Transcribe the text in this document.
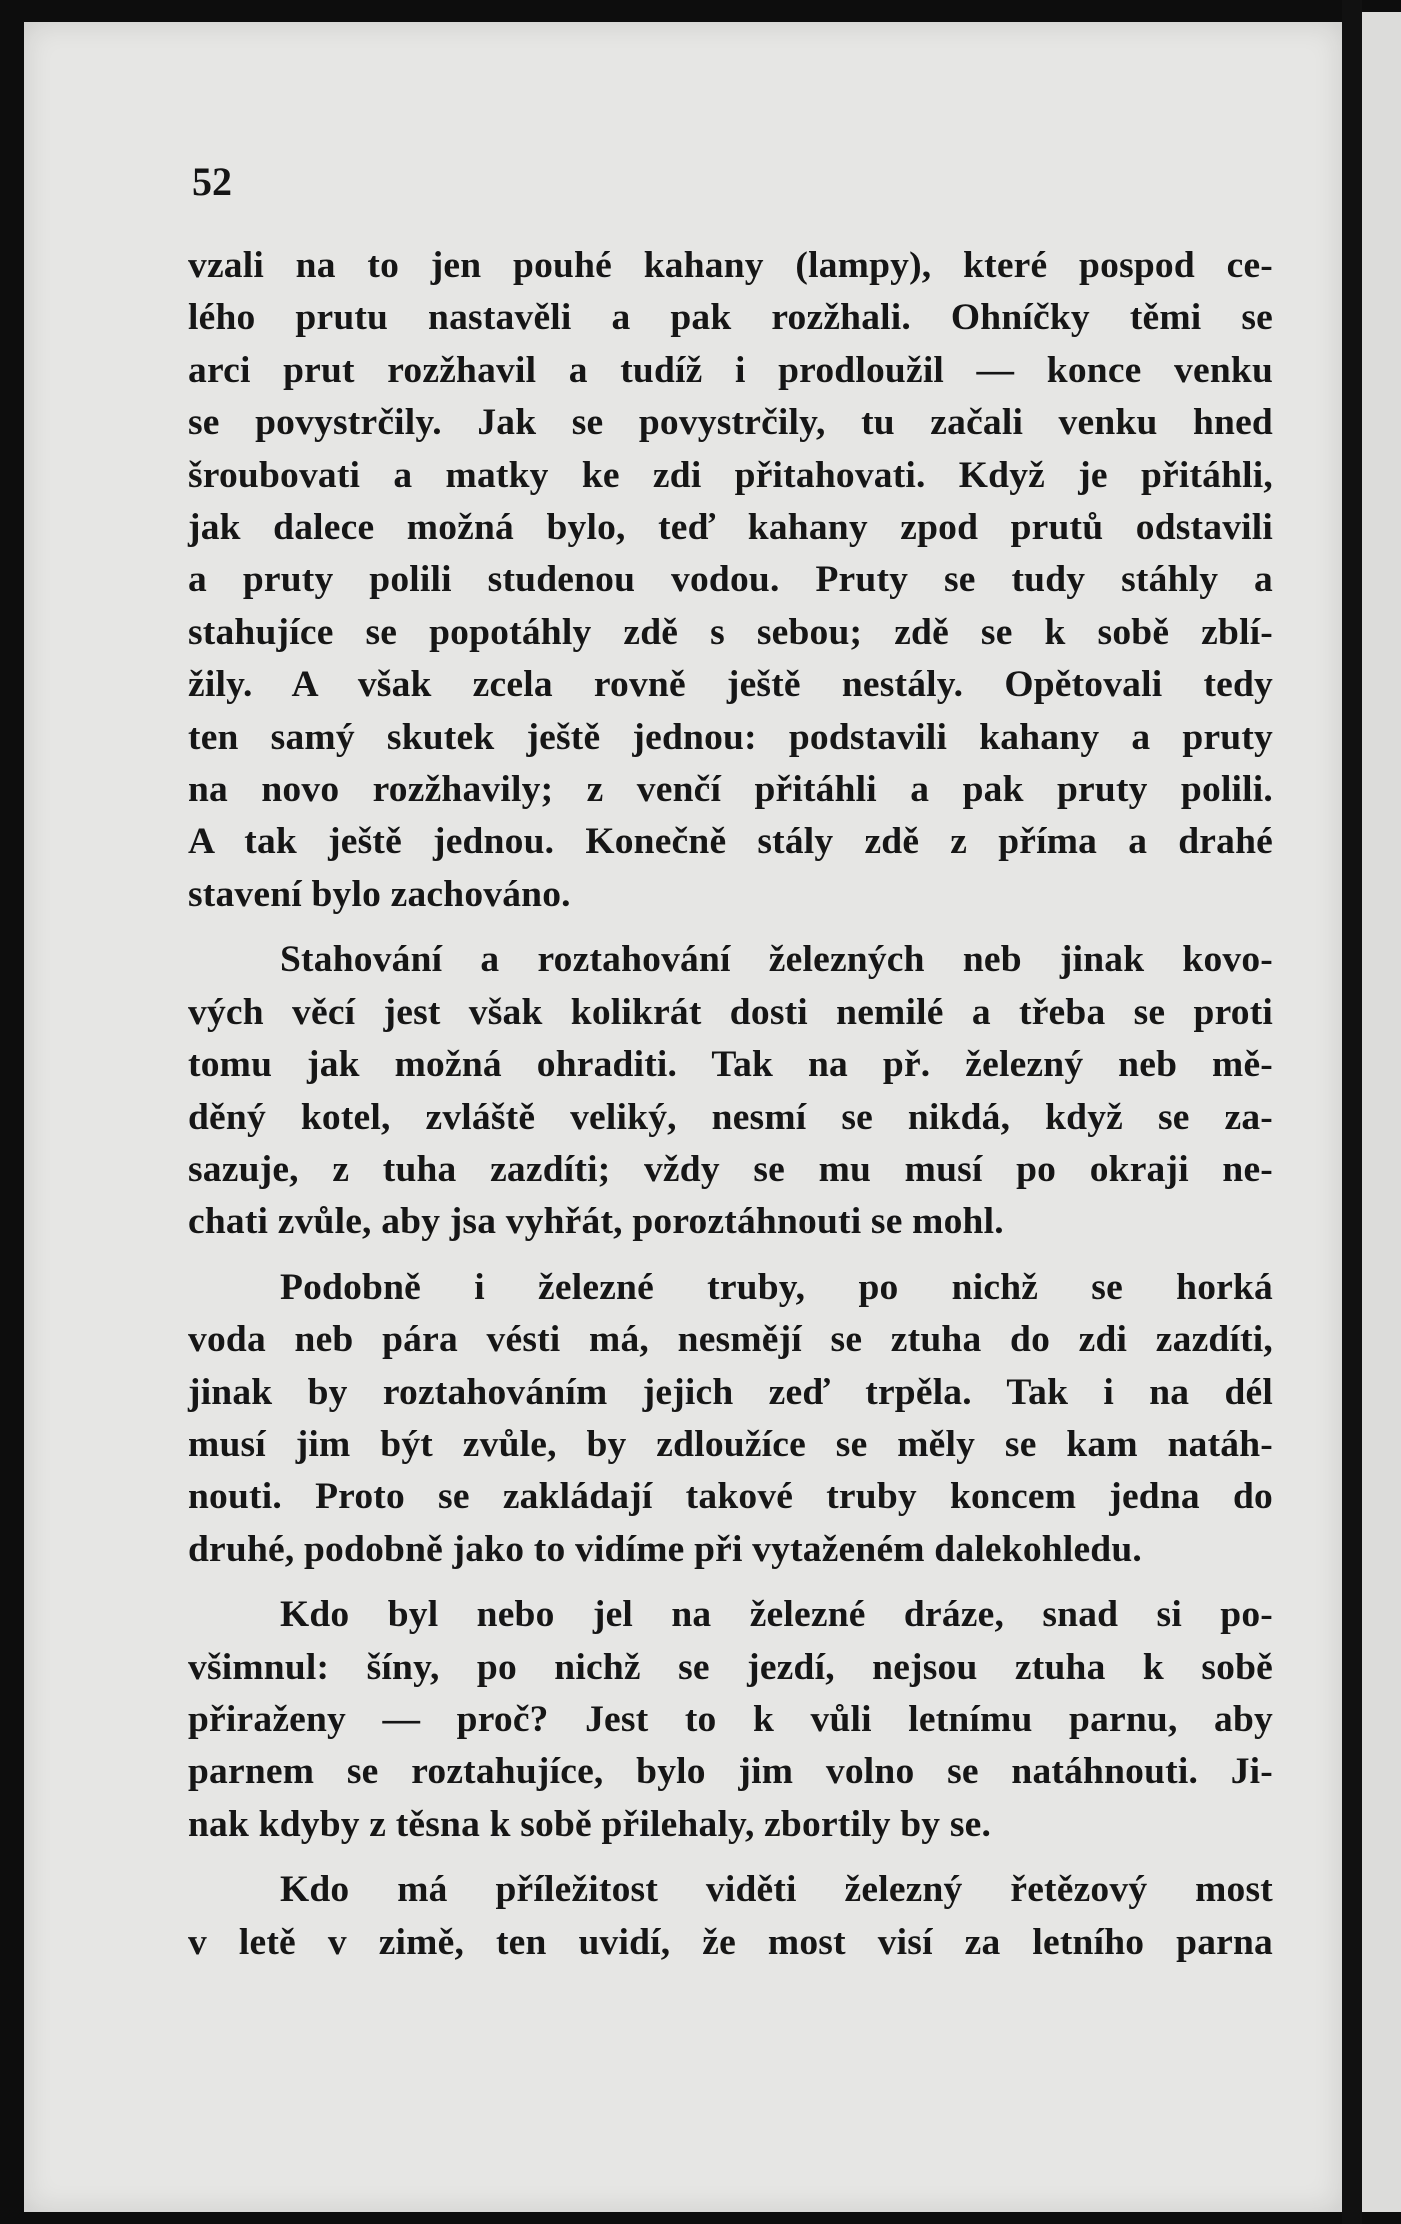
52
vzali na to jen pouhé kahany (lampy), které pospod ce-
lého prutu nastavěli a pak rozžhali. Ohníčky těmi se
arci prut rozžhavil a tudíž i prodloužil — konce venku
se povystrčily. Jak se povystrčily, tu začali venku hned
šroubovati a matky ke zdi přitahovati. Když je přitáhli,
jak dalece možná bylo, teď kahany zpod prutů odstavili
a pruty polili studenou vodou. Pruty se tudy stáhly a
stahujíce se popotáhly zdě s sebou; zdě se k sobě zblí-
žily. A však zcela rovně ještě nestály. Opětovali tedy
ten samý skutek ještě jednou: podstavili kahany a pruty
na novo rozžhavily; z venčí přitáhli a pak pruty polili.
A tak ještě jednou. Konečně stály zdě z příma a drahé
stavení bylo zachováno.
Stahování a roztahování železných neb jinak kovo-
vých věcí jest však kolikrát dosti nemilé a třeba se proti
tomu jak možná ohraditi. Tak na př. železný neb mě-
děný kotel, zvláště veliký, nesmí se nikdá, když se za-
sazuje, z tuha zazdíti; vždy se mu musí po okraji ne-
chati zvůle, aby jsa vyhřát, poroztáhnouti se mohl.
Podobně i železné truby, po nichž se horká
voda neb pára vésti má, nesmějí se ztuha do zdi zazdíti,
jinak by roztahováním jejich zeď trpěla. Tak i na dél
musí jim být zvůle, by zdloužíce se měly se kam natáh-
nouti. Proto se zakládají takové truby koncem jedna do
druhé, podobně jako to vidíme při vytaženém dalekohledu.
Kdo byl nebo jel na železné dráze, snad si po-
všimnul: šíny, po nichž se jezdí, nejsou ztuha k sobě
přiraženy — proč? Jest to k vůli letnímu parnu, aby
parnem se roztahujíce, bylo jim volno se natáhnouti. Ji-
nak kdyby z těsna k sobě přilehaly, zbortily by se.
Kdo má příležitost viděti železný řetězový most
v letě v zimě, ten uvidí, že most visí za letního parna
